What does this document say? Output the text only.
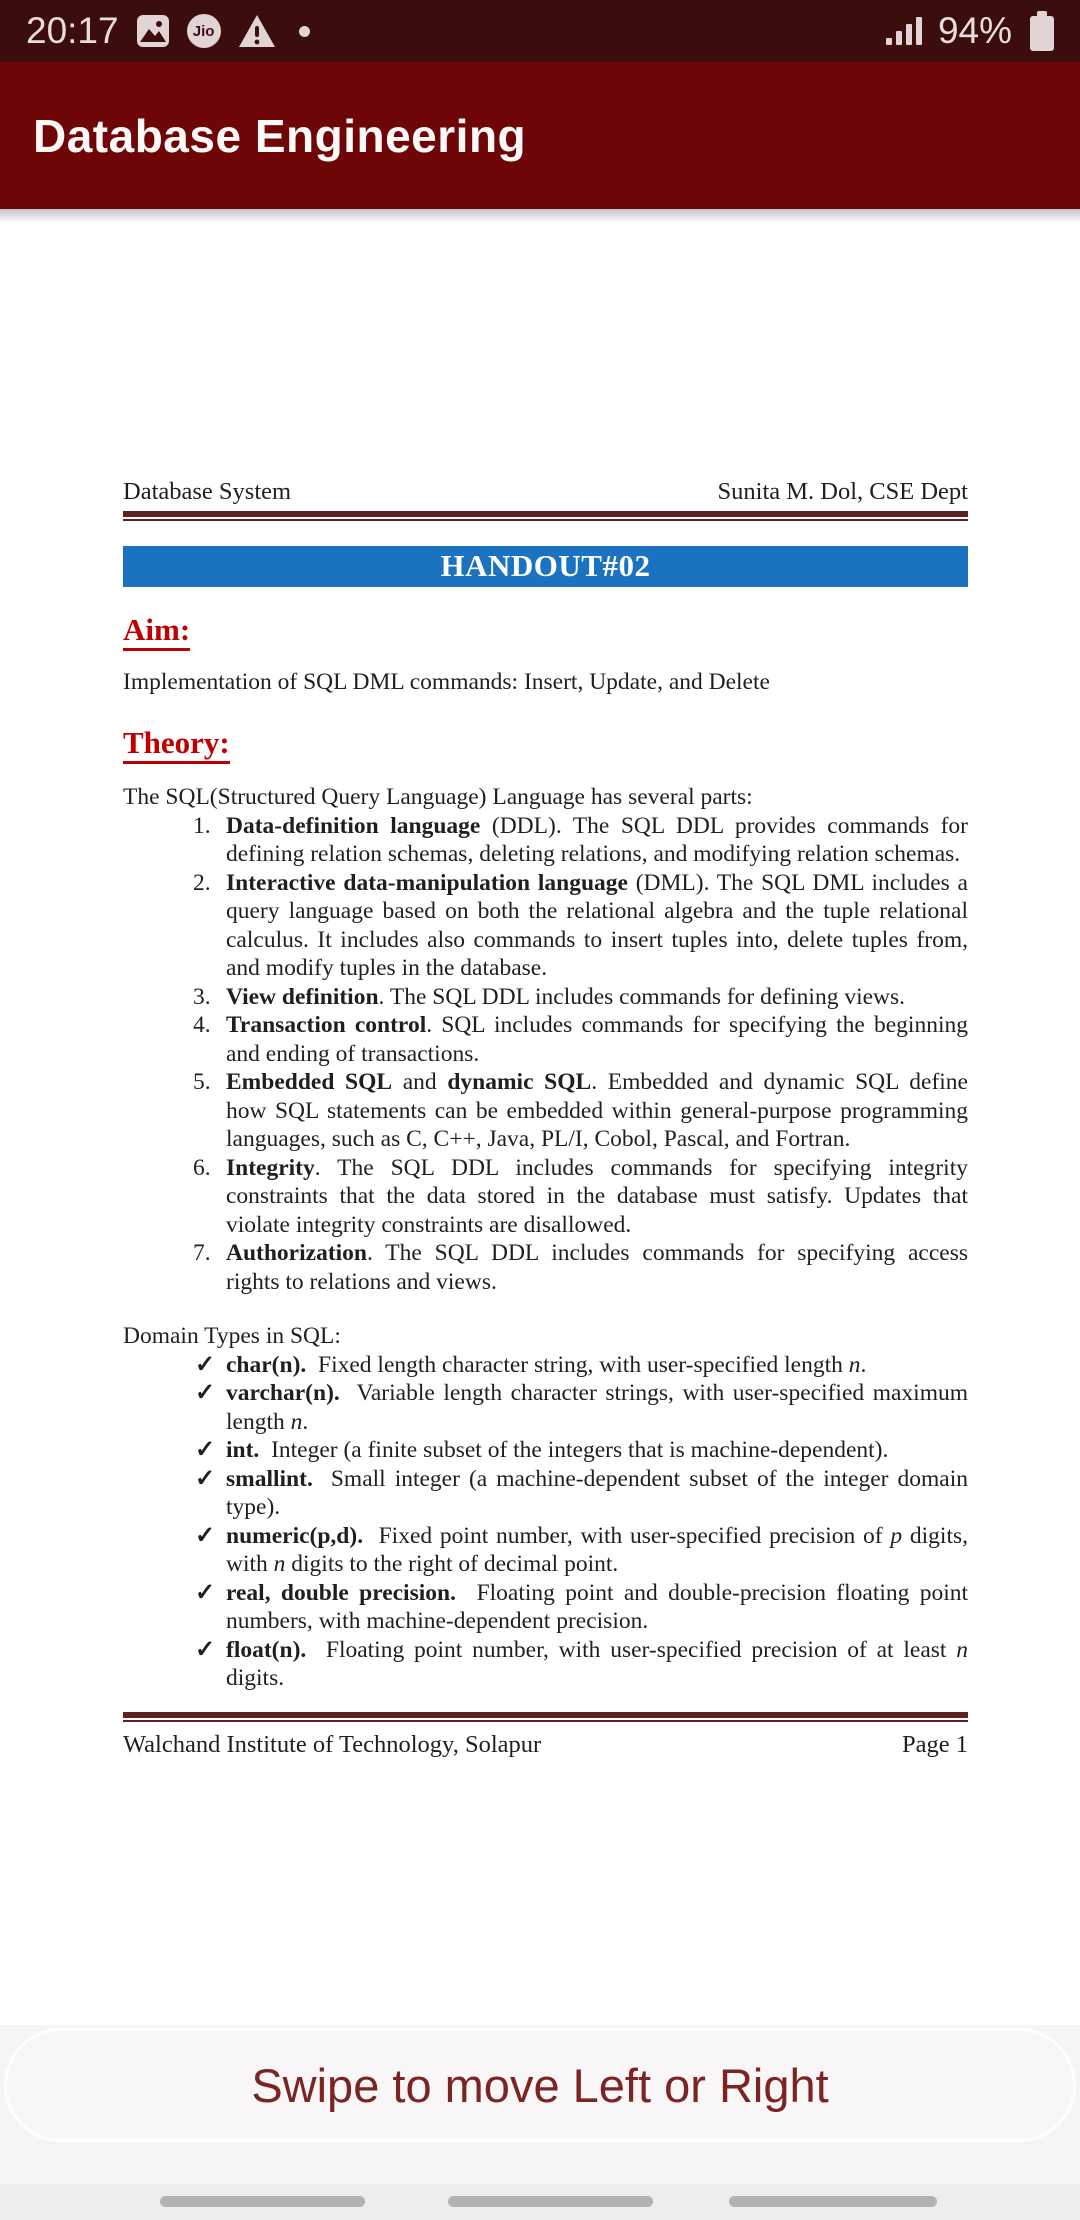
20:17	Jio	94%
Database Engineering
Database System	Sunita M. Dol, CSE Dept
HANDOUT#02
Aim:
Implementation of SQL DML commands: Insert, Update, and Delete
Theory:
The SQL(Structured Query Language) Language has several parts:
1. Data-definition language (DDL). The SQL DDL provides commands for defining relation schemas, deleting relations, and modifying relation schemas.
2. Interactive data-manipulation language (DML). The SQL DML includes a query language based on both the relational algebra and the tuple relational calculus. It includes also commands to insert tuples into, delete tuples from, and modify tuples in the database.
3. View definition. The SQL DDL includes commands for defining views.
4. Transaction control. SQL includes commands for specifying the beginning and ending of transactions.
5. Embedded SQL and dynamic SQL. Embedded and dynamic SQL define how SQL statements can be embedded within general-purpose programming languages, such as C, C++, Java, PL/I, Cobol, Pascal, and Fortran.
6. Integrity. The SQL DDL includes commands for specifying integrity constraints that the data stored in the database must satisfy. Updates that violate integrity constraints are disallowed.
7. Authorization. The SQL DDL includes commands for specifying access rights to relations and views.
Domain Types in SQL:
✓ char(n).  Fixed length character string, with user-specified length n.
✓ varchar(n).  Variable length character strings, with user-specified maximum length n.
✓ int.  Integer (a finite subset of the integers that is machine-dependent).
✓ smallint.  Small integer (a machine-dependent subset of the integer domain type).
✓ numeric(p,d).  Fixed point number, with user-specified precision of p digits, with n digits to the right of decimal point.
✓ real, double precision.  Floating point and double-precision floating point numbers, with machine-dependent precision.
✓ float(n).  Floating point number, with user-specified precision of at least n digits.
Walchand Institute of Technology, Solapur	Page 1
Swipe to move Left or Right
